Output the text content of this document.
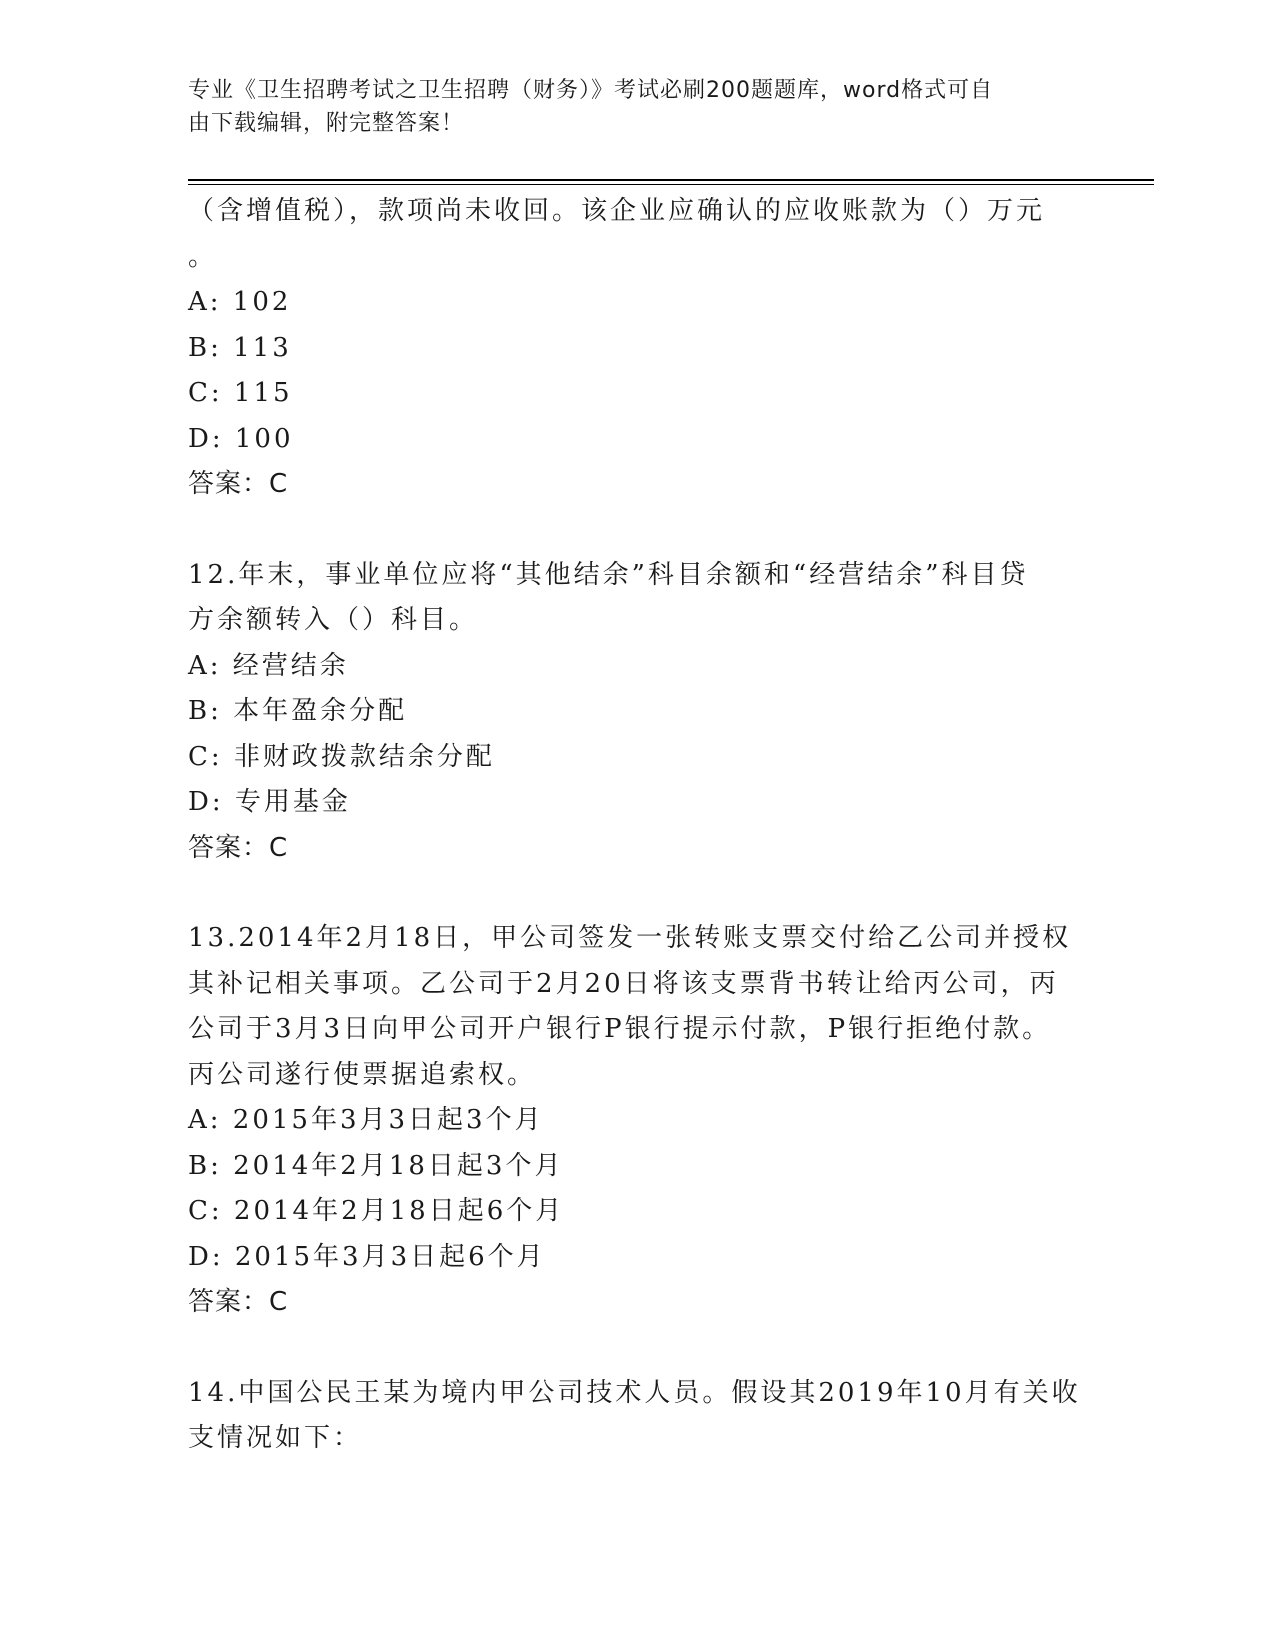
专业《卫生招聘考试之卫生招聘（财务）》考试必刷200题题库，word格式可自
由下载编辑，附完整答案！
（含增值税），款项尚未收回。该企业应确认的应收账款为（）万元
。
A: 102
B: 113
C: 115
D: 100
答案：C
12.年末，事业单位应将“其他结余”科目余额和“经营结余”科目贷
方余额转入（）科目。
A: 经营结余
B: 本年盈余分配
C: 非财政拨款结余分配
D: 专用基金
答案：C
13.2014年2月18日，甲公司签发一张转账支票交付给乙公司并授权
其补记相关事项。乙公司于2月20日将该支票背书转让给丙公司，丙
公司于3月3日向甲公司开户银行P银行提示付款，P银行拒绝付款。
丙公司遂行使票据追索权。
A: 2015年3月3日起3个月
B: 2014年2月18日起3个月
C: 2014年2月18日起6个月
D: 2015年3月3日起6个月
答案：C
14.中国公民王某为境内甲公司技术人员。假设其2019年10月有关收
支情况如下：
